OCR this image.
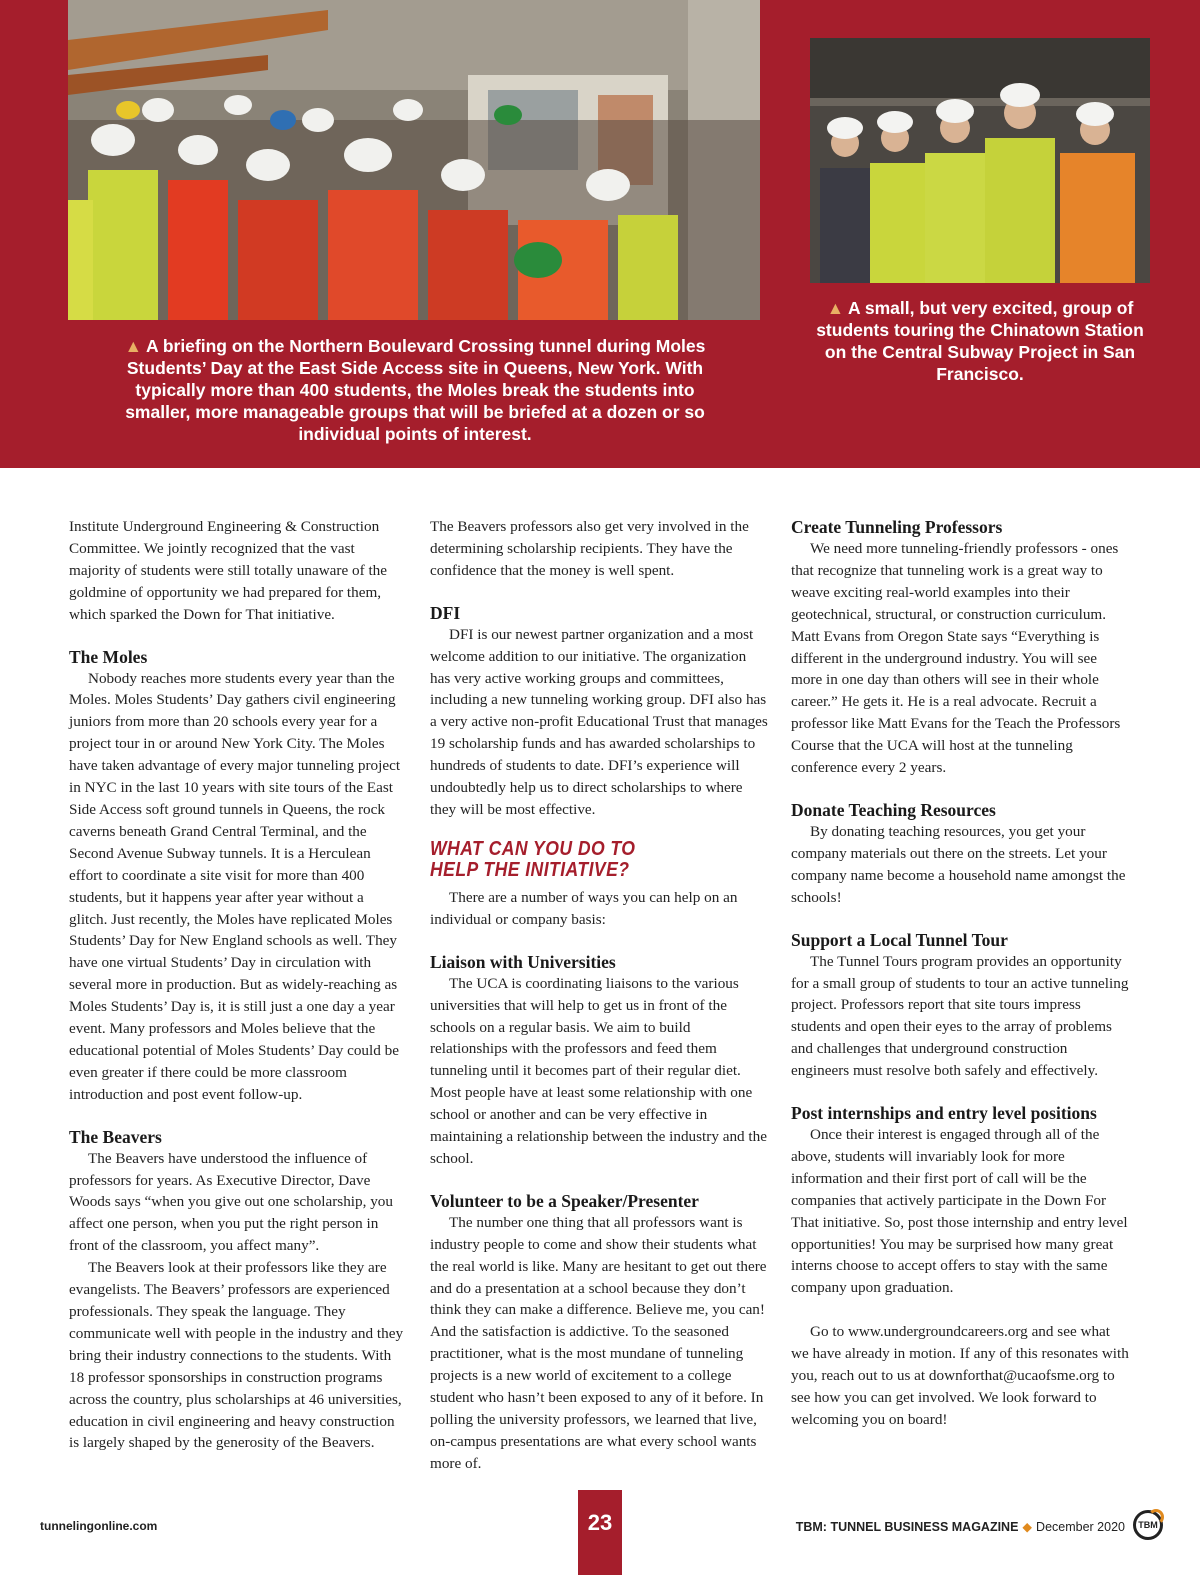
▲ A briefing on the Northern Boulevard Crossing tunnel during Moles Students’ Day at the East Side Access site in Queens, New York. With typically more than 400 students, the Moles break the students into smaller, more manageable groups that will be briefed at a dozen or so individual points of interest.
▲ A small, but very excited, group of students touring the Chinatown Station on the Central Subway Project in San Francisco.

Institute Underground Engineering & Construction Committee. We jointly recognized that the vast majority of students were still totally unaware of the goldmine of opportunity we had prepared for them, which sparked the Down for That initiative.

The Moles

Nobody reaches more students every year than the Moles. Moles Students’ Day gathers civil engineering juniors from more than 20 schools every year for a project tour in or around New York City. The Moles have taken advantage of every major tunneling project in NYC in the last 10 years with site tours of the East Side Access soft ground tunnels in Queens, the rock caverns beneath Grand Central Terminal, and the Second Avenue Subway tunnels. It is a Herculean effort to coordinate a site visit for more than 400 students, but it happens year after year without a glitch. Just recently, the Moles have replicated Moles Students’ Day for New England schools as well. They have one virtual Students’ Day in circulation with several more in production. But as widely-reaching as Moles Students’ Day is, it is still just a one day a year event. Many professors and Moles believe that the educational potential of Moles Students’ Day could be even greater if there could be more classroom introduction and post event follow-up.

The Beavers

The Beavers have understood the influence of professors for years. As Executive Director, Dave Woods says “when you give out one scholarship, you affect one person, when you put the right person in front of the classroom, you affect many”.

The Beavers look at their professors like they are evangelists. The Beavers’ professors are experienced professionals. They speak the language. They communicate well with people in the industry and they bring their industry connections to the students. With 18 professor sponsorships in construction programs across the country, plus scholarships at 46 universities, education in civil engineering and heavy construction is largely shaped by the generosity of the Beavers.

The Beavers professors also get very involved in the determining scholarship recipients. They have the confidence that the money is well spent.

DFI

DFI is our newest partner organization and a most welcome addition to our initiative. The organization has very active working groups and committees, including a new tunneling working group. DFI also has a very active non-profit Educational Trust that manages 19 scholarship funds and has awarded scholarships to hundreds of students to date. DFI’s experience will undoubtedly help us to direct scholarships to where they will be most effective.

WHAT CAN YOU DO TO HELP THE INITIATIVE?

There are a number of ways you can help on an individual or company basis:

Liaison with Universities

The UCA is coordinating liaisons to the various universities that will help to get us in front of the schools on a regular basis. We aim to build relationships with the professors and feed them tunneling until it becomes part of their regular diet. Most people have at least some relationship with one school or another and can be very effective in maintaining a relationship between the industry and the school.

Volunteer to be a Speaker/Presenter

The number one thing that all professors want is industry people to come and show their students what the real world is like. Many are hesitant to get out there and do a presentation at a school because they don’t think they can make a difference. Believe me, you can! And the satisfaction is addictive. To the seasoned practitioner, what is the most mundane of tunneling projects is a new world of excitement to a college student who hasn’t been exposed to any of it before. In polling the university professors, we learned that live, on-campus presentations are what every school wants more of.

Create Tunneling Professors

We need more tunneling-friendly professors - ones that recognize that tunneling work is a great way to weave exciting real-world examples into their geotechnical, structural, or construction curriculum. Matt Evans from Oregon State says “Everything is different in the underground industry. You will see more in one day than others will see in their whole career.” He gets it. He is a real advocate. Recruit a professor like Matt Evans for the Teach the Professors Course that the UCA will host at the tunneling conference every 2 years.

Donate Teaching Resources

By donating teaching resources, you get your company materials out there on the streets. Let your company name become a household name amongst the schools!

Support a Local Tunnel Tour

The Tunnel Tours program provides an opportunity for a small group of students to tour an active tunneling project. Professors report that site tours impress students and open their eyes to the array of problems and challenges that underground construction engineers must resolve both safely and effectively.

Post internships and entry level positions

Once their interest is engaged through all of the above, students will invariably look for more information and their first port of call will be the companies that actively participate in the Down For That initiative. So, post those internship and entry level opportunities! You may be surprised how many great interns choose to accept offers to stay with the same company upon graduation.

Go to www.undergroundcareers.org and see what we have already in motion. If any of this resonates with you, reach out to us at downforthat@ucaofsme.org to see how you can get involved. We look forward to welcoming you on board!

tunnelingonline.com	23	TBM: TUNNEL BUSINESS MAGAZINE ◆ December 2020	TBM
